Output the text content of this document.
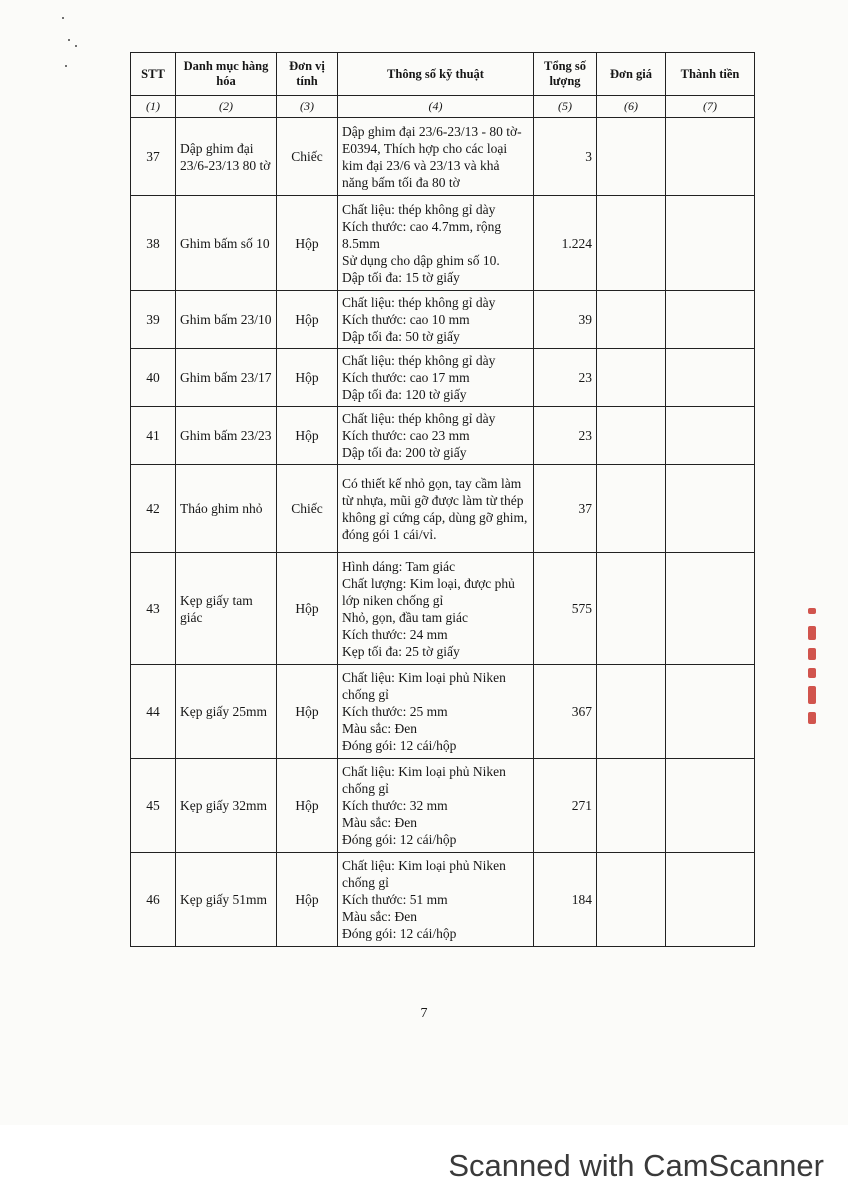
STT	Danh mục hàng hóa	Đơn vị tính	Thông số kỹ thuật	Tổng số lượng	Đơn giá	Thành tiền
(1)	(2)	(3)	(4)	(5)	(6)	(7)
37	Dập ghim đại 23/6-23/13 80 tờ	Chiếc	Dập ghim đại 23/6-23/13 - 80 tờ-E0394, Thích hợp cho các loại kim đại 23/6 và 23/13 và khả năng bấm tối đa 80 tờ	3		
38	Ghim bấm số 10	Hộp	Chất liệu: thép không gỉ dày
Kích thước: cao 4.7mm, rộng 8.5mm
Sử dụng cho dập ghim số 10.
Dập tối đa: 15 tờ giấy	1.224		
39	Ghim bấm 23/10	Hộp	Chất liệu: thép không gỉ dày
Kích thước: cao 10 mm
Dập tối đa: 50 tờ giấy	39		
40	Ghim bấm 23/17	Hộp	Chất liệu: thép không gỉ dày
Kích thước: cao 17 mm
Dập tối đa: 120 tờ giấy	23		
41	Ghim bấm 23/23	Hộp	Chất liệu: thép không gỉ dày
Kích thước: cao 23 mm
Dập tối đa: 200 tờ giấy	23		
42	Tháo ghim nhỏ	Chiếc	Có thiết kế nhỏ gọn, tay cầm làm từ nhựa, mũi gỡ được làm từ thép không gỉ cứng cáp, dùng gỡ ghim, đóng gói 1 cái/vỉ.	37		
43	Kẹp giấy tam giác	Hộp	Hình dáng: Tam giác
Chất lượng: Kim loại, được phủ lớp niken chống gỉ
Nhỏ, gọn, đầu tam giác
Kích thước: 24 mm
Kẹp tối đa: 25 tờ giấy	575		
44	Kẹp giấy 25mm	Hộp	Chất liệu: Kim loại phủ Niken chống gỉ
Kích thước: 25 mm
Màu sắc: Đen
Đóng gói: 12 cái/hộp	367		
45	Kẹp giấy 32mm	Hộp	Chất liệu: Kim loại phủ Niken chống gỉ
Kích thước: 32 mm
Màu sắc: Đen
Đóng gói: 12 cái/hộp	271		
46	Kẹp giấy 51mm	Hộp	Chất liệu: Kim loại phủ Niken chống gỉ
Kích thước: 51 mm
Màu sắc: Đen
Đóng gói: 12 cái/hộp	184		
7
Scanned with CamScanner
